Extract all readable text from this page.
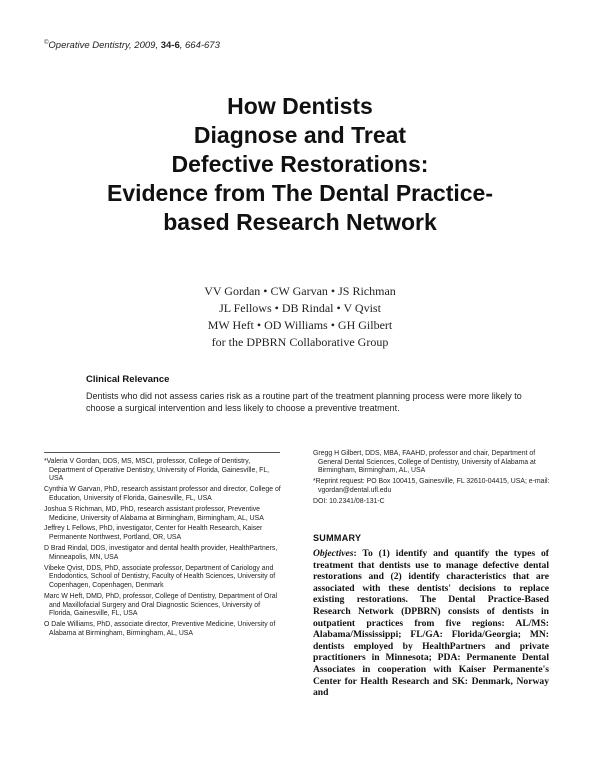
©Operative Dentistry, 2009, 34-6, 664-673
How Dentists
Diagnose and Treat
Defective Restorations:
Evidence from The Dental Practice-
based Research Network
VV Gordan • CW Garvan • JS Richman
JL Fellows • DB Rindal • V Qvist
MW Heft • OD Williams • GH Gilbert
for the DPBRN Collaborative Group
Clinical Relevance
Dentists who did not assess caries risk as a routine part of the treatment planning process were more likely to choose a surgical intervention and less likely to choose a preventive treatment.

*Valeria V Gordan, DDS, MS, MSCI, professor, College of Dentistry, Department of Operative Dentistry, University of Florida, Gainesville, FL, USA

Cynthia W Garvan, PhD, research assistant professor and director, College of Education, University of Florida, Gainesville, FL, USA

Joshua S Richman, MD, PhD, research assistant professor, Preventive Medicine, University of Alabama at Birmingham, Birmingham, AL, USA

Jeffrey L Fellows, PhD, investigator, Center for Health Research, Kaiser Permanente Northwest, Portland, OR, USA

D Brad Rindal, DDS, investigator and dental health provider, HealthPartners, Minneapolis, MN, USA

Vibeke Qvist, DDS, PhD, associate professor, Department of Cariology and Endodontics, School of Dentistry, Faculty of Health Sciences, University of Copenhagen, Copenhagen, Denmark

Marc W Heft, DMD, PhD, professor, College of Dentistry, Department of Oral and Maxillofacial Surgery and Oral Diagnostic Sciences, University of Florida, Gainesville, FL, USA

O Dale Williams, PhD, associate director, Preventive Medicine, University of Alabama at Birmingham, Birmingham, AL, USA

Gregg H Gilbert, DDS, MBA, FAAHD, professor and chair, Department of General Dental Sciences, College of Dentistry, University of Alabama at Birmingham, Birmingham, AL, USA

*Reprint request: PO Box 100415, Gainesville, FL 32610-04415, USA; e-mail: vgordan@dental.ufl.edu

DOI: 10.2341/08-131-C

SUMMARY
Objectives: To (1) identify and quantify the types of treatment that dentists use to manage defective dental restorations and (2) identify characteristics that are associated with these dentists' decisions to replace existing restorations. The Dental Practice-Based Research Network (DPBRN) consists of dentists in outpatient practices from five regions: AL/MS: Alabama/Mississippi; FL/GA: Florida/Georgia; MN: dentists employed by HealthPartners and private practitioners in Minnesota; PDA: Permanente Dental Associates in cooperation with Kaiser Permanente's Center for Health Research and SK: Denmark, Norway and
